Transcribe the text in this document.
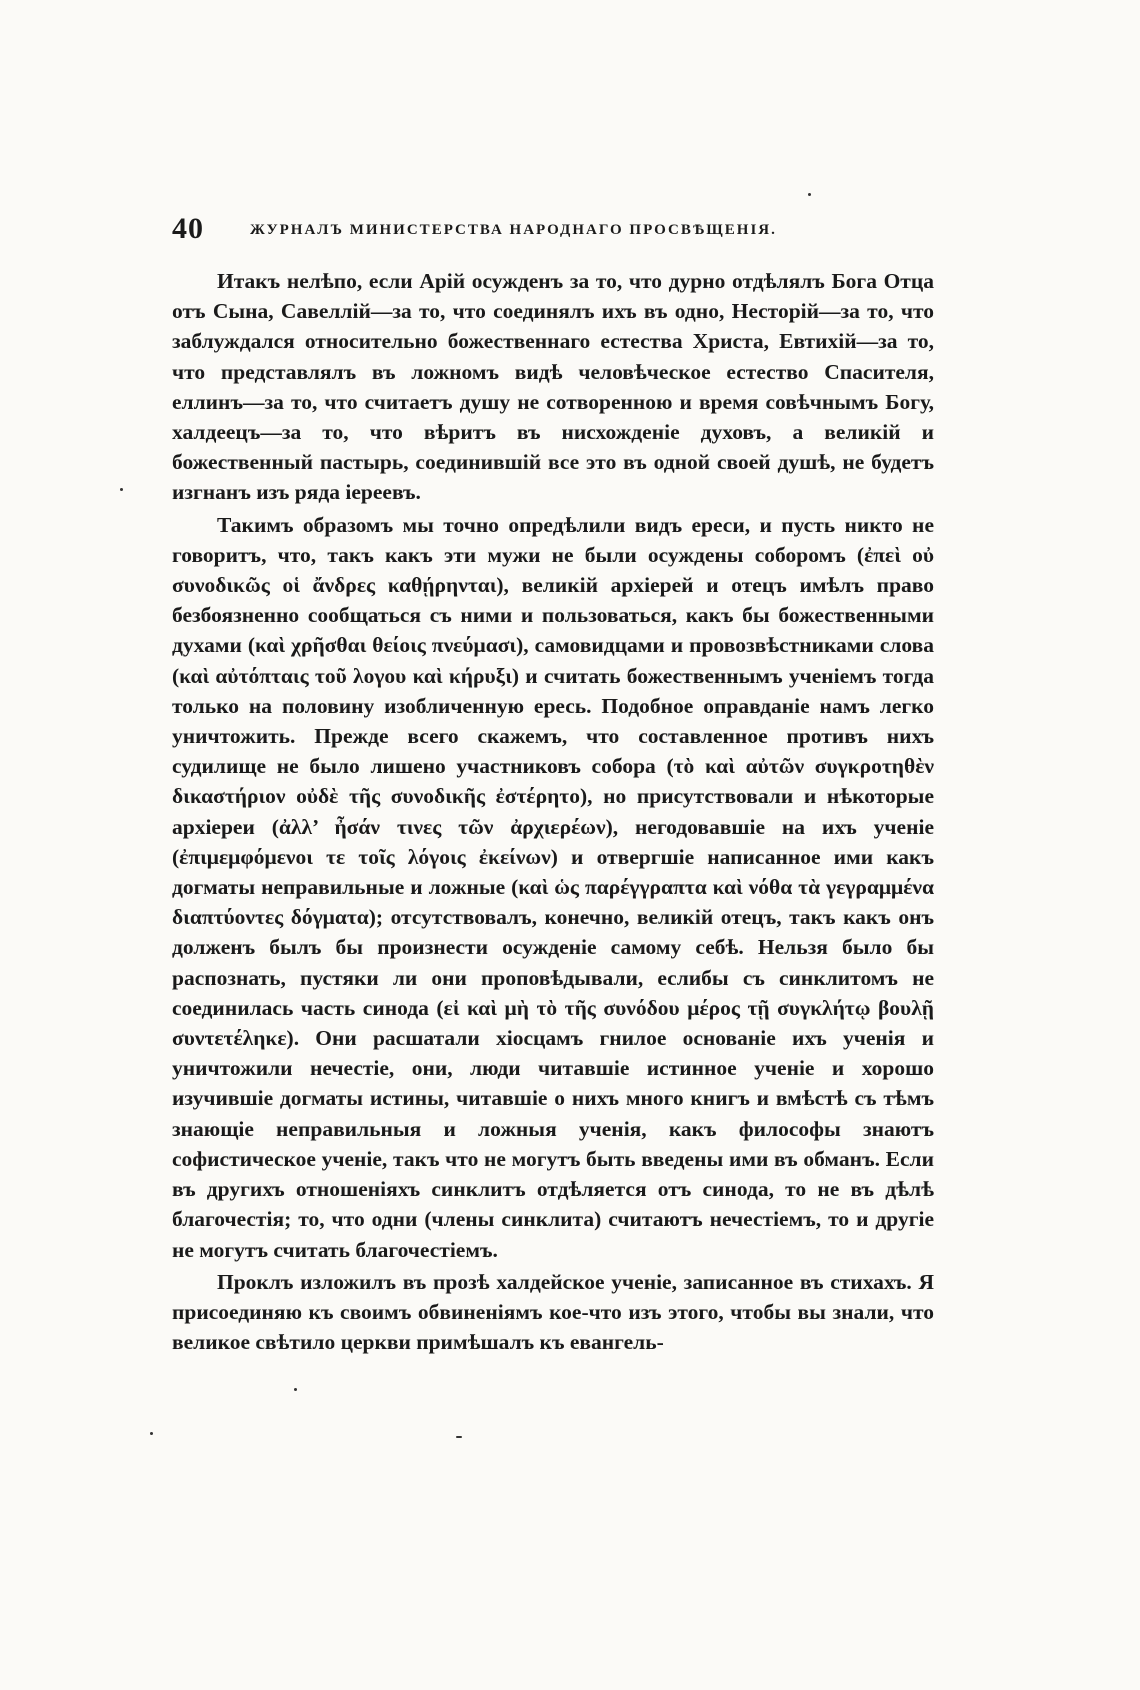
40	ЖУРНАЛЪ МИНИСТЕРСТВА НАРОДНАГО ПРОСВѢЩЕНІЯ.

Итакъ нелѣпо, если Арій осужденъ за то, что дурно отдѣлялъ Бога Отца отъ Сына, Савеллій—за то, что соединялъ ихъ въ одно, Несторій—за то, что заблуждался относительно божественнаго естества Христа, Евтихій—за то, что представлялъ въ ложномъ видѣ человѣческое естество Спасителя, еллинъ—за то, что считаетъ душу не сотворенною и время совѣчнымъ Богу, халдеецъ—за то, что вѣритъ въ нисхожденіе духовъ, а великій и божественный пастырь, соединившій все это въ одной своей душѣ, не будетъ изгнанъ изъ ряда іереевъ.

Такимъ образомъ мы точно опредѣлили видъ ереси, и пусть никто не говоритъ, что, такъ какъ эти мужи не были осуждены соборомъ (ἐπεὶ οὐ συνοδικῶς οἱ ἄνδρες καθῄρηνται), великій архіерей и отецъ имѣлъ право безбоязненно сообщаться съ ними и пользоваться, какъ бы божественными духами (καὶ χρῆσθαι θείοις πνεύμασι), самовидцами и провозвѣстниками слова (καὶ αὐτόπταις τοῦ λογου καὶ κήρυξι) и считать божественнымъ ученіемъ тогда только на половину изобличенную ересь. Подобное оправданіе намъ легко уничтожить. Прежде всего скажемъ, что составленное противъ нихъ судилище не было лишено участниковъ собора (τὸ καὶ αὐτῶν συγκροτηθὲν δικαστήριον οὐδὲ τῆς συνοδικῆς ἐστέρητο), но присутствовали и нѣкоторые архіереи (ἀλλ’ ἦσάν τινες τῶν ἀρχιερέων), негодовавшіе на ихъ ученіе (ἐπιμεμφόμενοι τε τοῖς λόγοις ἐκείνων) и отвергшіе написанное ими какъ догматы неправильные и ложные (καὶ ὡς παρέγγραπτα καὶ νόθα τὰ γεγραμμένα διαπτύοντες δόγματα); отсутствовалъ, конечно, великій отецъ, такъ какъ онъ долженъ былъ бы произнести осужденіе самому себѣ. Нельзя было бы распознать, пустяки ли они проповѣдывали, еслибы съ синклитомъ не соединилась часть синода (εἰ καὶ μὴ τὸ τῆς συνόδου μέρος τῇ συγκλήτῳ βουλῇ συντετέληκε). Они расшатали хіосцамъ гнилое основаніе ихъ ученія и уничтожили нечестіе, они, люди читавшіе истинное ученіе и хорошо изучившіе догматы истины, читавшіе о нихъ много книгъ и вмѣстѣ съ тѣмъ знающіе неправильныя и ложныя ученія, какъ философы знаютъ софистическое ученіе, такъ что не могутъ быть введены ими въ обманъ. Если въ другихъ отношеніяхъ синклитъ отдѣляется отъ синода, то не въ дѣлѣ благочестія; то, что одни (члены синклита) считаютъ нечестіемъ, то и другіе не могутъ считать благочестіемъ.

Проклъ изложилъ въ прозѣ халдейское ученіе, записанное въ стихахъ. Я присоединяю къ своимъ обвиненіямъ кое-что изъ этого, чтобы вы знали, что великое свѣтило церкви примѣшалъ къ евангель-
